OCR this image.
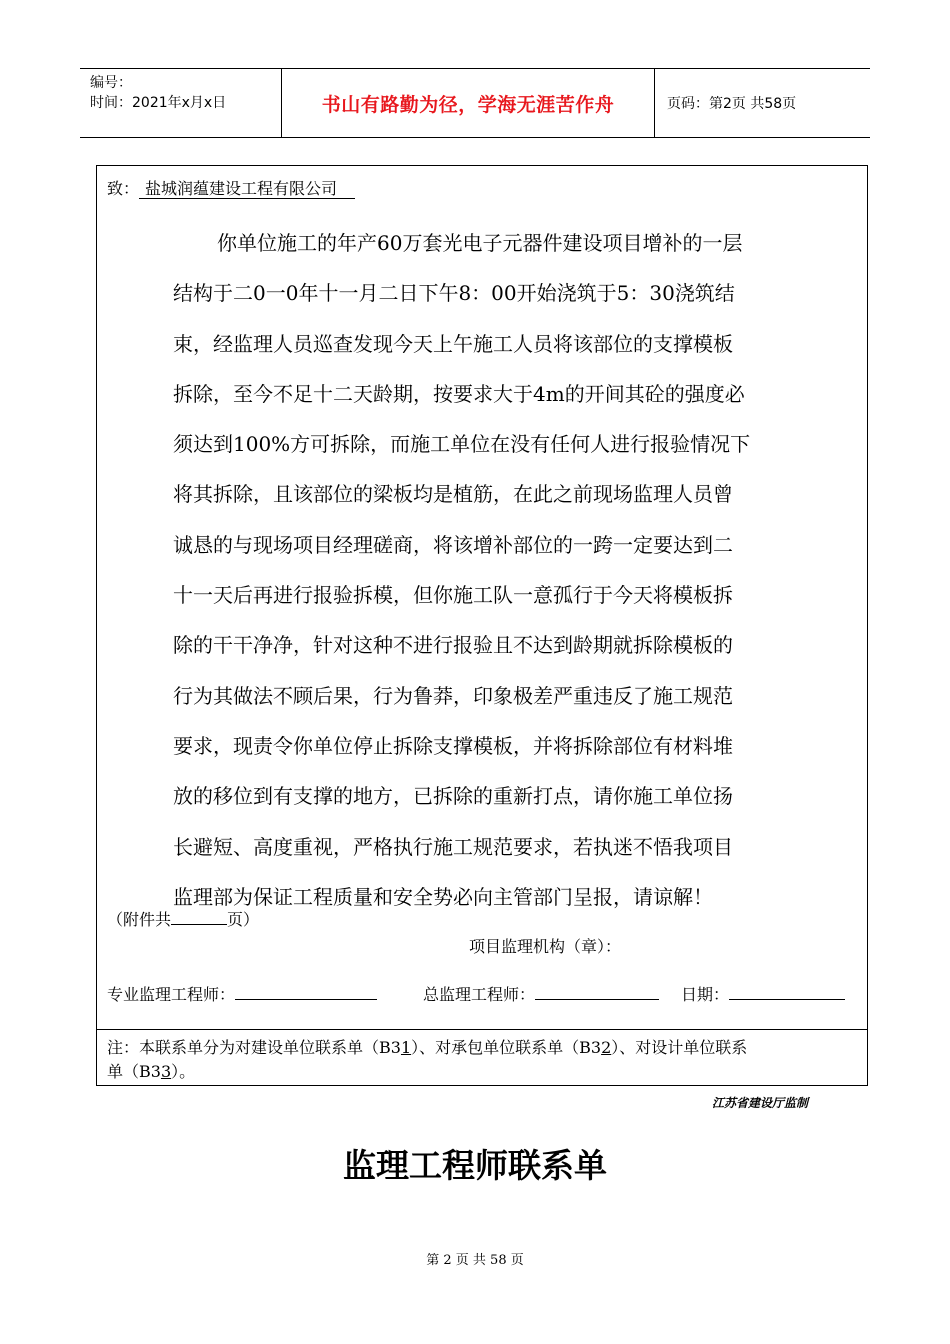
编号：
时间：2021年x月x日	书山有路勤为径，学海无涯苦作舟	页码：第2页 共58页
致： 盐城润蕴建设工程有限公司

你单位施工的年产60万套光电子元器件建设项目增补的一层

结构于二0一0年十一月二日下午8：00开始浇筑于5：30浇筑结

束，经监理人员巡查发现今天上午施工人员将该部位的支撑模板

拆除，至今不足十二天龄期，按要求大于4m的开间其砼的强度必

须达到100%方可拆除，而施工单位在没有任何人进行报验情况下

将其拆除，且该部位的梁板均是植筋，在此之前现场监理人员曾

诚恳的与现场项目经理磋商，将该增补部位的一跨一定要达到二

十一天后再进行报验拆模，但你施工队一意孤行于今天将模板拆

除的干干净净，针对这种不进行报验且不达到龄期就拆除模板的

行为其做法不顾后果，行为鲁莽，印象极差严重违反了施工规范

要求，现责令你单位停止拆除支撑模板，并将拆除部位有材料堆

放的移位到有支撑的地方，已拆除的重新打点，请你施工单位扬

长避短、高度重视，严格执行施工规范要求，若执迷不悟我项目

监理部为保证工程质量和安全势必向主管部门呈报，请谅解！

（附件共	页）
项目监理机构（章）：
专业监理工程师：	总监理工程师：	日期：
注：本联系单分为对建设单位联系单（B31）、对承包单位联系单（B32）、对设计单位联系
单（B33）。
江苏省建设厅监制
监理工程师联系单
第 2 页 共 58 页
